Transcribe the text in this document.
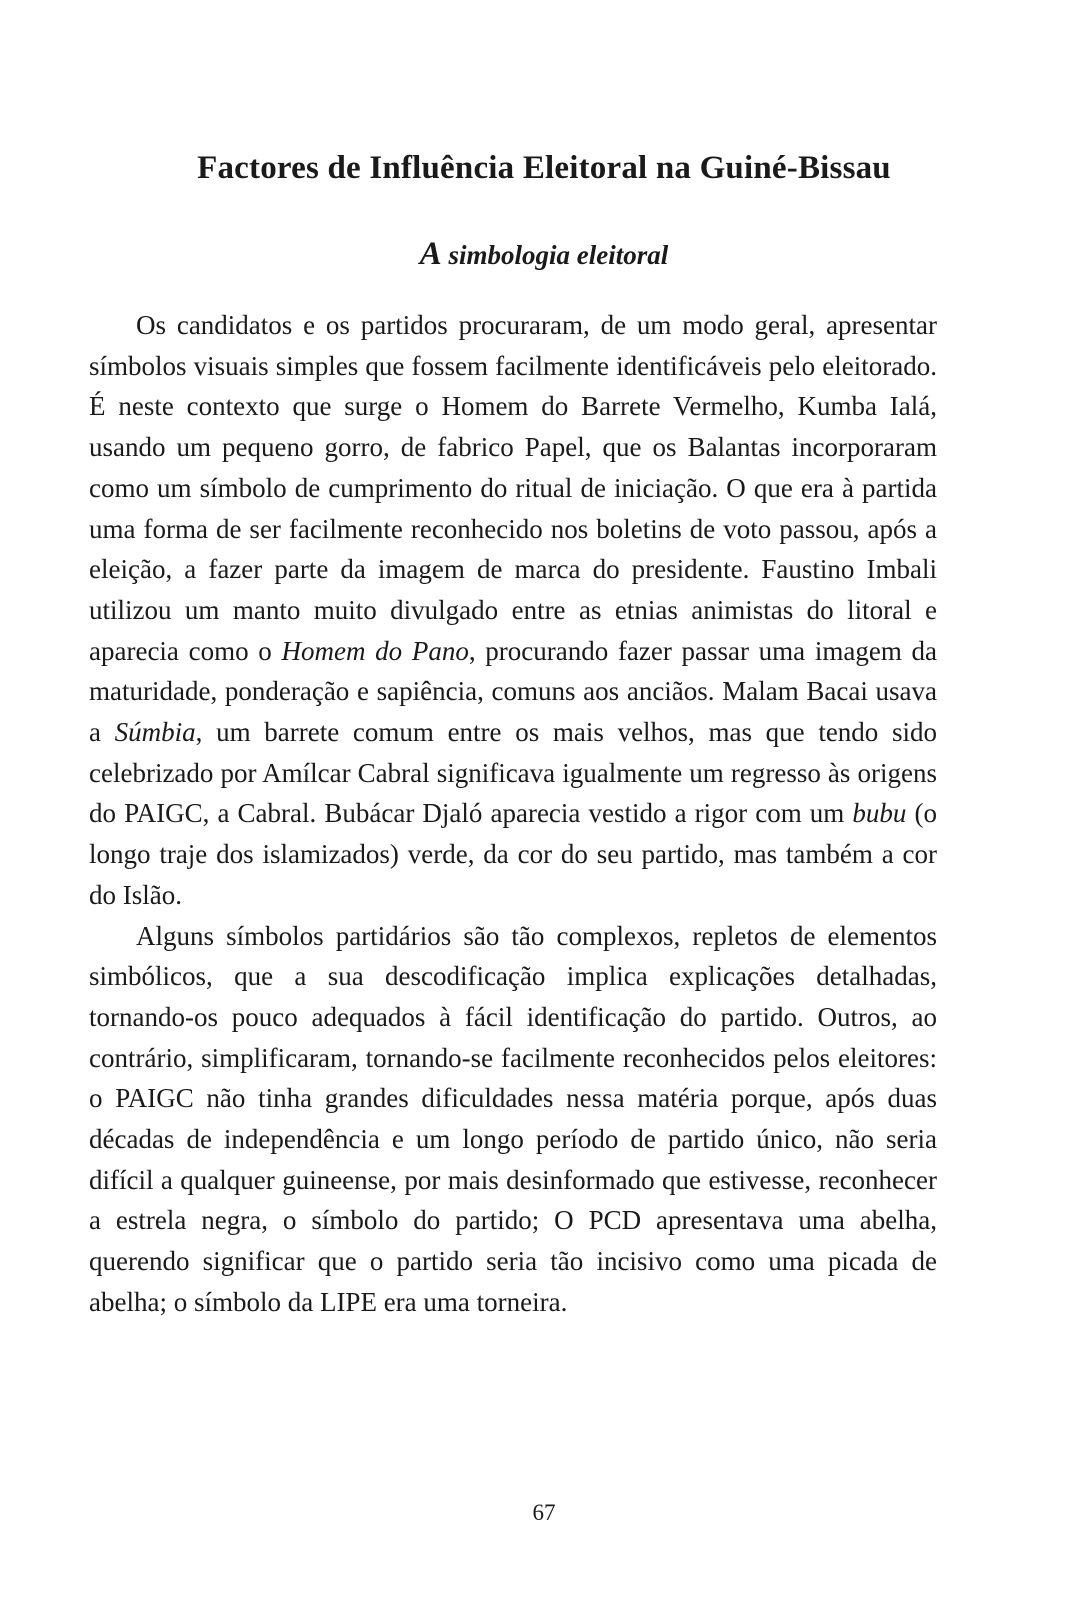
Factores de Influência Eleitoral na Guiné-Bissau
A simbologia eleitoral

Os candidatos e os partidos procuraram, de um modo geral, apresentar símbolos visuais simples que fossem facilmente identificáveis pelo eleitorado. É neste contexto que surge o Homem do Barrete Vermelho, Kumba Ialá, usando um pequeno gorro, de fabrico Papel, que os Balantas incorporaram como um símbolo de cumprimento do ritual de iniciação. O que era à partida uma forma de ser facilmente reconhecido nos boletins de voto passou, após a eleição, a fazer parte da imagem de marca do presidente. Faustino Imbali utilizou um manto muito divulgado entre as etnias animistas do litoral e aparecia como o Homem do Pano, procurando fazer passar uma imagem da maturidade, ponderação e sapiência, comuns aos anciãos. Malam Bacai usava a Súmbia, um barrete comum entre os mais velhos, mas que tendo sido celebrizado por Amílcar Cabral significava igualmente um regresso às origens do PAIGC, a Cabral. Bubácar Djaló aparecia vestido a rigor com um bubu (o longo traje dos islamizados) verde, da cor do seu partido, mas também a cor do Islão.

Alguns símbolos partidários são tão complexos, repletos de elementos simbólicos, que a sua descodificação implica explicações detalhadas, tornando-os pouco adequados à fácil identificação do partido. Outros, ao contrário, simplificaram, tornando-se facilmente reconhecidos pelos eleitores: o PAIGC não tinha grandes dificuldades nessa matéria porque, após duas décadas de independência e um longo período de partido único, não seria difícil a qualquer guineense, por mais desinformado que estivesse, reconhecer a estrela negra, o símbolo do partido; O PCD apresentava uma abelha, querendo significar que o partido seria tão incisivo como uma picada de abelha; o símbolo da LIPE era uma torneira.

67
